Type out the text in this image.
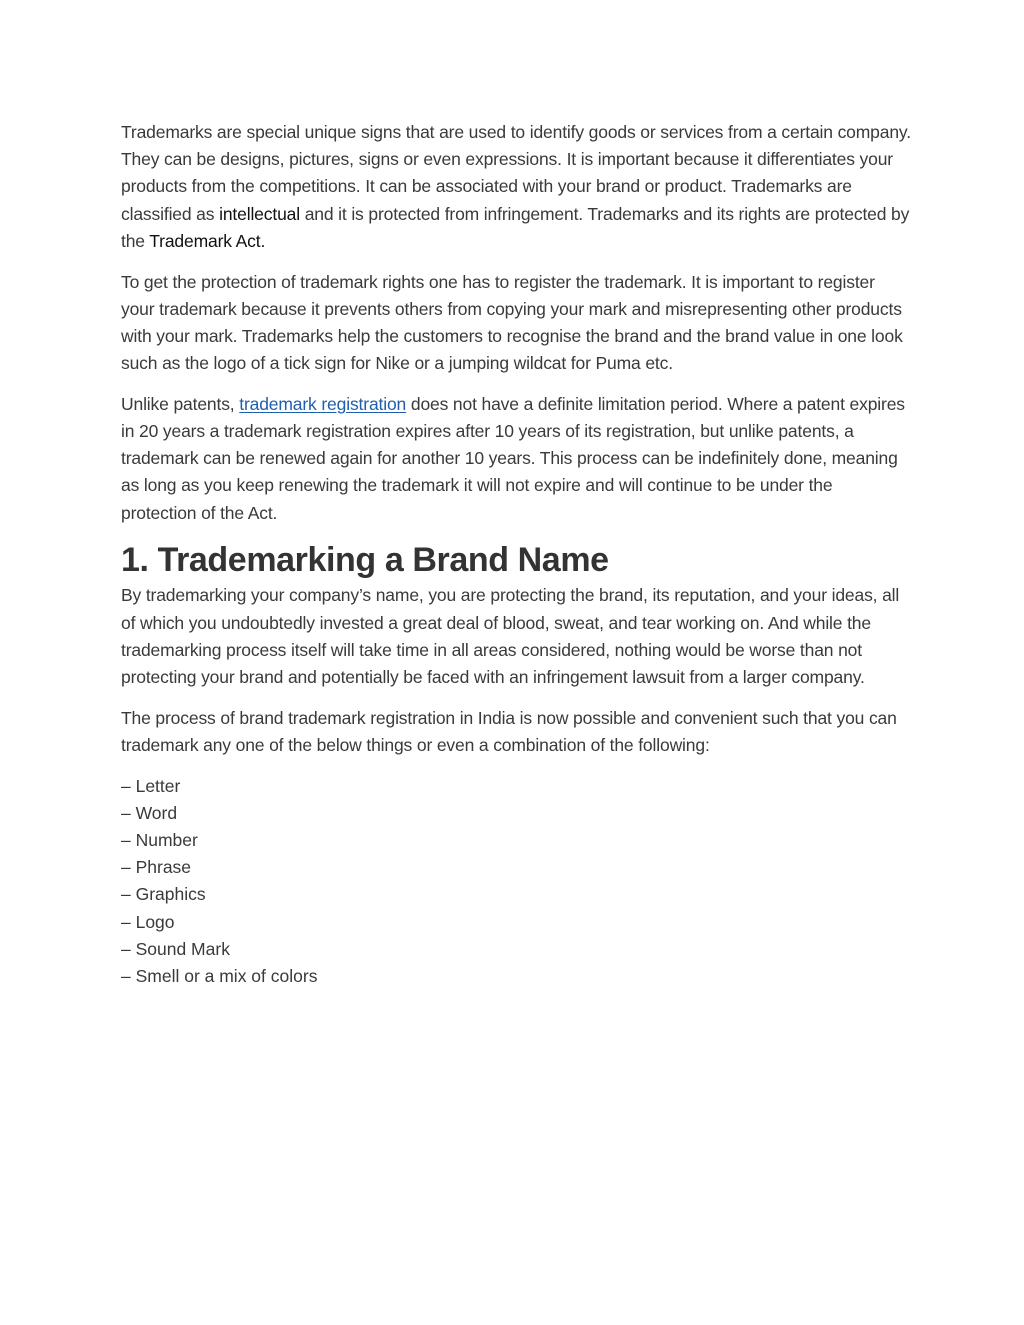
Trademarks are special unique signs that are used to identify goods or services from a certain company. They can be designs, pictures, signs or even expressions. It is important because it differentiates your products from the competitions. It can be associated with your brand or product. Trademarks are classified as intellectual and it is protected from infringement. Trademarks and its rights are protected by the Trademark Act.

To get the protection of trademark rights one has to register the trademark. It is important to register your trademark because it prevents others from copying your mark and misrepresenting other products with your mark. Trademarks help the customers to recognise the brand and the brand value in one look such as the logo of a tick sign for Nike or a jumping wildcat for Puma etc.

Unlike patents, trademark registration does not have a definite limitation period. Where a patent expires in 20 years a trademark registration expires after 10 years of its registration, but unlike patents, a trademark can be renewed again for another 10 years. This process can be indefinitely done, meaning as long as you keep renewing the trademark it will not expire and will continue to be under the protection of the Act.

1. Trademarking a Brand Name

By trademarking your company’s name, you are protecting the brand, its reputation, and your ideas, all of which you undoubtedly invested a great deal of blood, sweat, and tear working on. And while the trademarking process itself will take time in all areas considered, nothing would be worse than not protecting your brand and potentially be faced with an infringement lawsuit from a larger company.

The process of brand trademark registration in India is now possible and convenient such that you can trademark any one of the below things or even a combination of the following:

– Letter
– Word
– Number
– Phrase
– Graphics
– Logo
– Sound Mark
– Smell or a mix of colors
